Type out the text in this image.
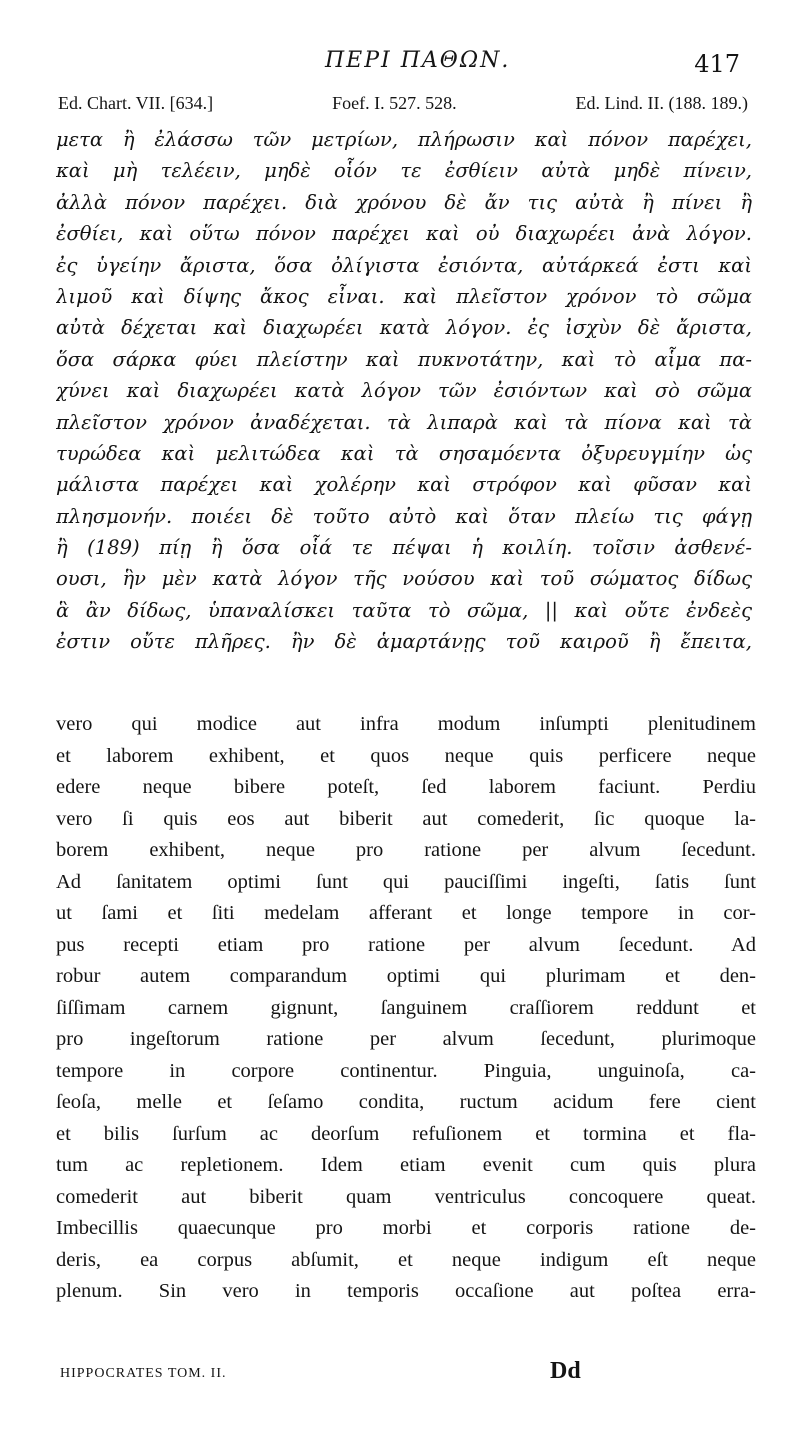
ΠΕΡΙ ΠΑΘΩΝ.	417
Ed. Chart. VII. [634.]	Foef. I. 527. 528.	Ed. Lind. II. (188. 189.)
μετα ἢ ἐλάσσω τῶν μετρίων, πλήρωσιν καὶ πόνον παρέχει,
καὶ μὴ τελέειν, μηδὲ οἷόν τε ἐσθίειν αὐτὰ μηδὲ πίνειν,
ἀλλὰ πόνον παρέχει. διὰ χρόνου δὲ ἄν τις αὐτὰ ἢ πίνει ἢ
ἐσθίει, καὶ οὕτω πόνον παρέχει καὶ οὐ διαχωρέει ἀνὰ λόγον.
ἐς ὑγείην ἄριστα, ὅσα ὀλίγιστα ἐσιόντα, αὐτάρκεά ἐστι καὶ
λιμοῦ καὶ δίψης ἄκος εἶναι. καὶ πλεῖστον χρόνον τὸ σῶμα
αὐτὰ δέχεται καὶ διαχωρέει κατὰ λόγον. ἐς ἰσχὺν δὲ ἄριστα,
ὅσα σάρκα φύει πλείστην καὶ πυκνοτάτην, καὶ τὸ αἷμα πα-
χύνει καὶ διαχωρέει κατὰ λόγον τῶν ἐσιόντων καὶ σὸ σῶμα
πλεῖστον χρόνον ἀναδέχεται. τὰ λιπαρὰ καὶ τὰ πίονα καὶ τὰ
τυρώδεα καὶ μελιτώδεα καὶ τὰ σησαμόεντα ὀξυρευγμίην ὡς
μάλιστα παρέχει καὶ χολέρην καὶ στρόφον καὶ φῦσαν καὶ
πλησμονήν. ποιέει δὲ τοῦτο αὐτὸ καὶ ὅταν πλείω τις φάγῃ
ἢ (189) πίῃ ἢ ὅσα οἷά τε πέψαι ἡ κοιλίη. τοῖσιν ἀσθενέ-
ουσι, ἣν μὲν κατὰ λόγον τῆς νούσου καὶ τοῦ σώματος δίδως
ἃ ἂν δίδως, ὑπαναλίσκει ταῦτα τὸ σῶμα, || καὶ οὔτε ἐνδεὲς
ἐστιν οὔτε πλῆρες. ἢν δὲ ἁμαρτάνῃς τοῦ καιροῦ ἢ ἔπειτα,
vero qui modice aut infra modum inſumpti plenitudinem
et laborem exhibent, et quos neque quis perficere neque
edere neque bibere poteſt, ſed laborem faciunt. Perdiu
vero ſi quis eos aut biberit aut comederit, ſic quoque la-
borem exhibent, neque pro ratione per alvum ſecedunt.
Ad ſanitatem optimi ſunt qui pauciſſimi ingeſti, ſatis ſunt
ut ſami et ſiti medelam afferant et longe tempore in cor-
pus recepti etiam pro ratione per alvum ſecedunt. Ad
robur autem comparandum optimi qui plurimam et den-
ſiſſimam carnem gignunt, ſanguinem craſſiorem reddunt et
pro ingeſtorum ratione per alvum ſecedunt, plurimoque
tempore in corpore continentur. Pinguia, unguinoſa, ca-
ſeoſa, melle et ſeſamo condita, ructum acidum fere cient
et bilis ſurſum ac deorſum refuſionem et tormina et fla-
tum ac repletionem. Idem etiam evenit cum quis plura
comederit aut biberit quam ventriculus concoquere queat.
Imbecillis quaecunque pro morbi et corporis ratione de-
deris, ea corpus abſumit, et neque indigum eſt neque
plenum. Sin vero in temporis occaſione aut poſtea erra-
HIPPOCRATES TOM. II.	Dd
